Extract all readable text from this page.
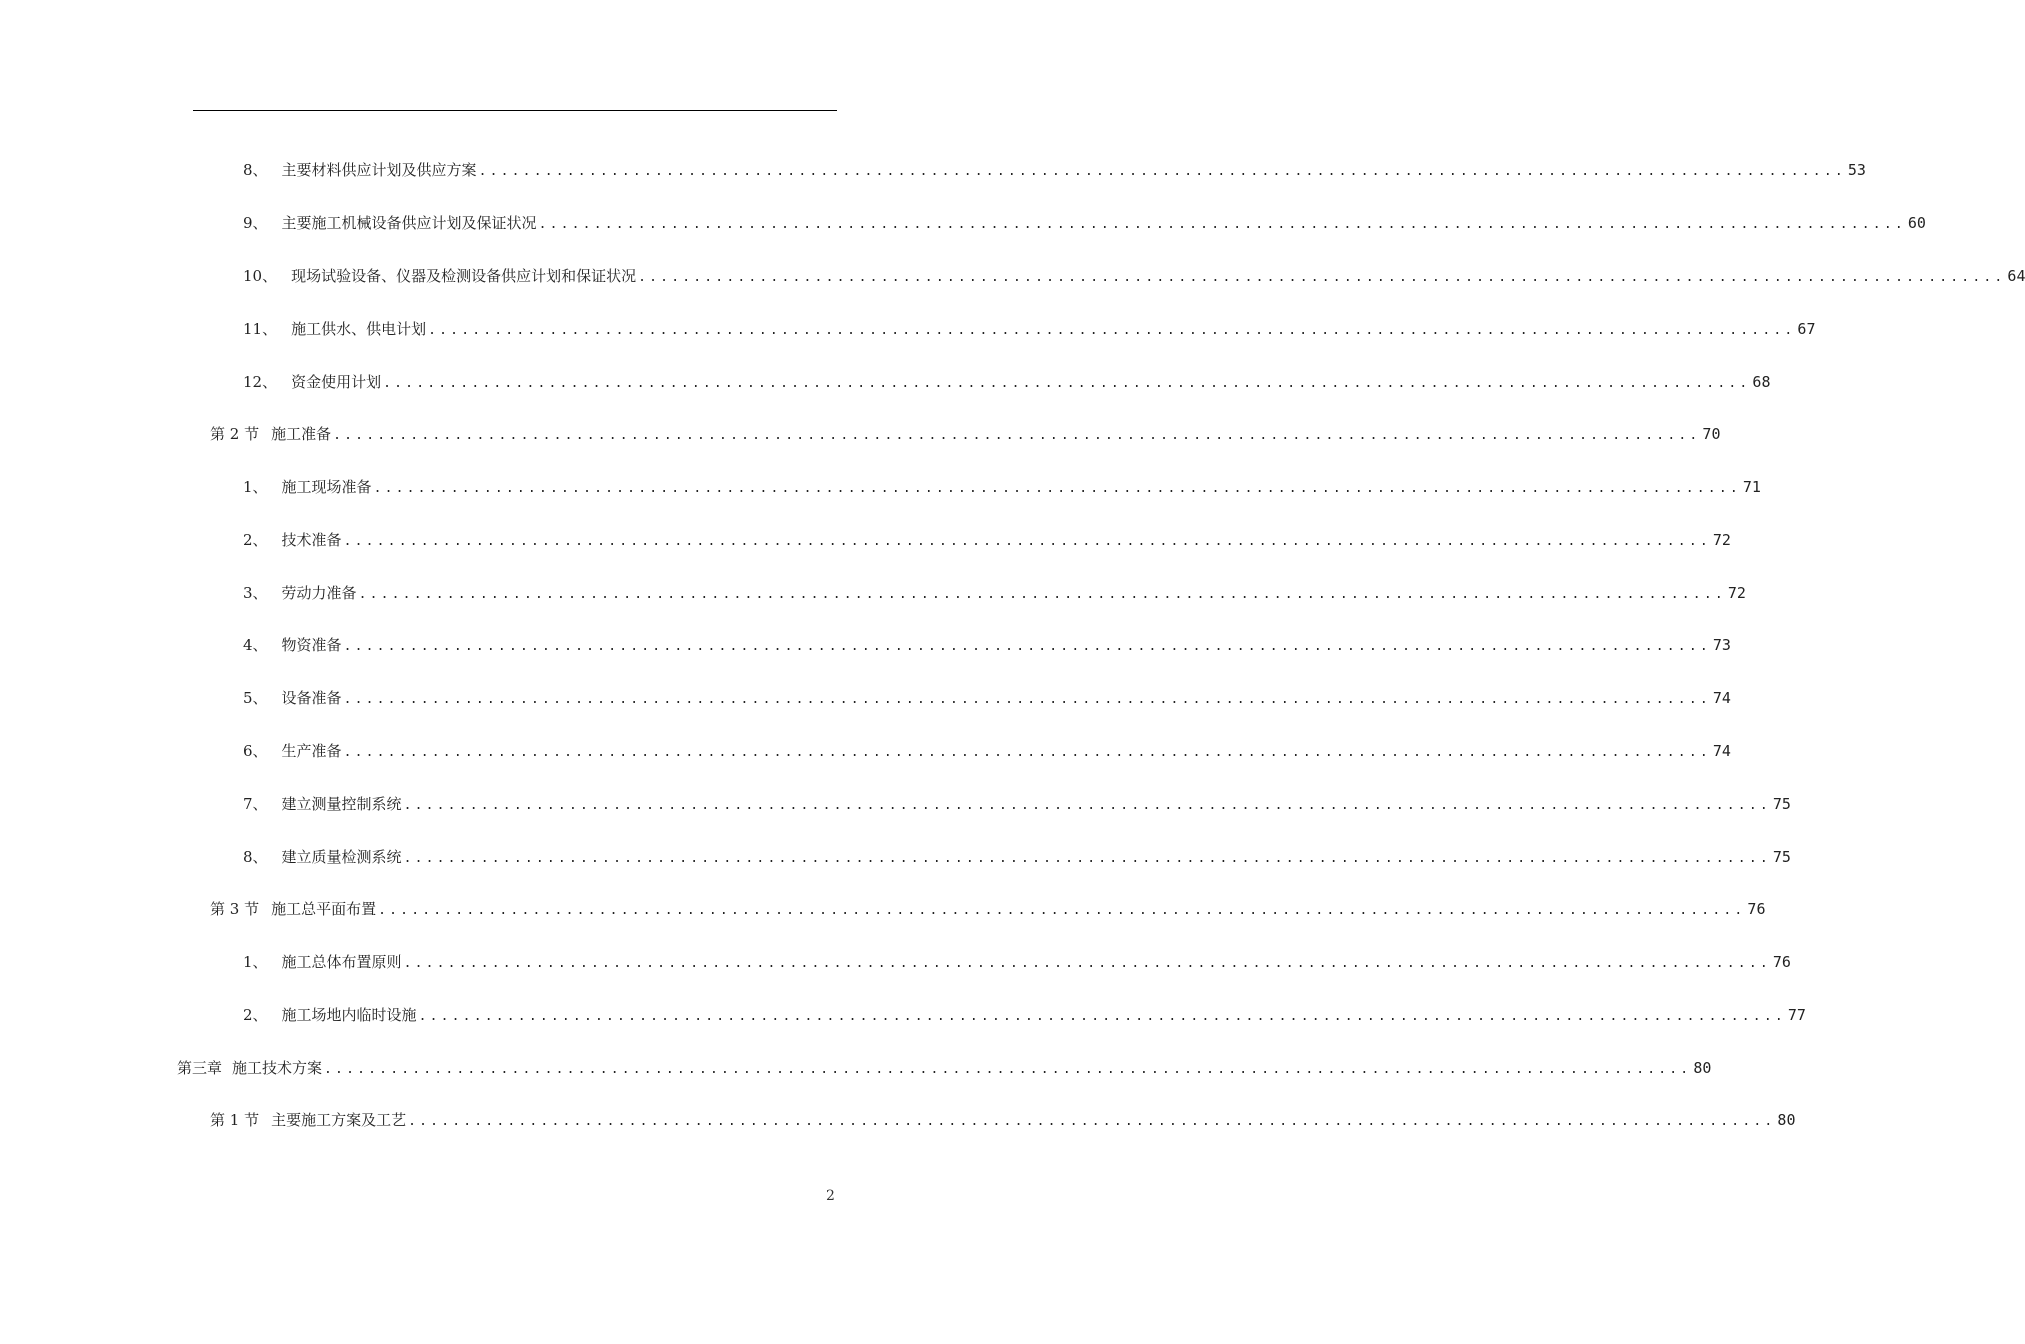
8、 主要材料供应计划及供应方案 ............................................................................................................................ 53
9、 主要施工机械设备供应计划及保证状况 ............................................................................................................................ 60
10、 现场试验设备、仪器及检测设备供应计划和保证状况 ............................................................................................................................ 64
11、 施工供水、供电计划 ............................................................................................................................ 67
12、 资金使用计划 ............................................................................................................................ 68
第 2 节 施工准备 ............................................................................................................................ 70
1、 施工现场准备 ............................................................................................................................ 71
2、 技术准备 ............................................................................................................................ 72
3、 劳动力准备 ............................................................................................................................ 72
4、 物资准备 ............................................................................................................................ 73
5、 设备准备 ............................................................................................................................ 74
6、 生产准备 ............................................................................................................................ 74
7、 建立测量控制系统 ............................................................................................................................ 75
8、 建立质量检测系统 ............................................................................................................................ 75
第 3 节 施工总平面布置 ............................................................................................................................ 76
1、 施工总体布置原则 ............................................................................................................................ 76
2、 施工场地内临时设施 ............................................................................................................................ 77
第三章 施工技术方案 ............................................................................................................................ 80
第 1 节 主要施工方案及工艺 ............................................................................................................................ 80
2
